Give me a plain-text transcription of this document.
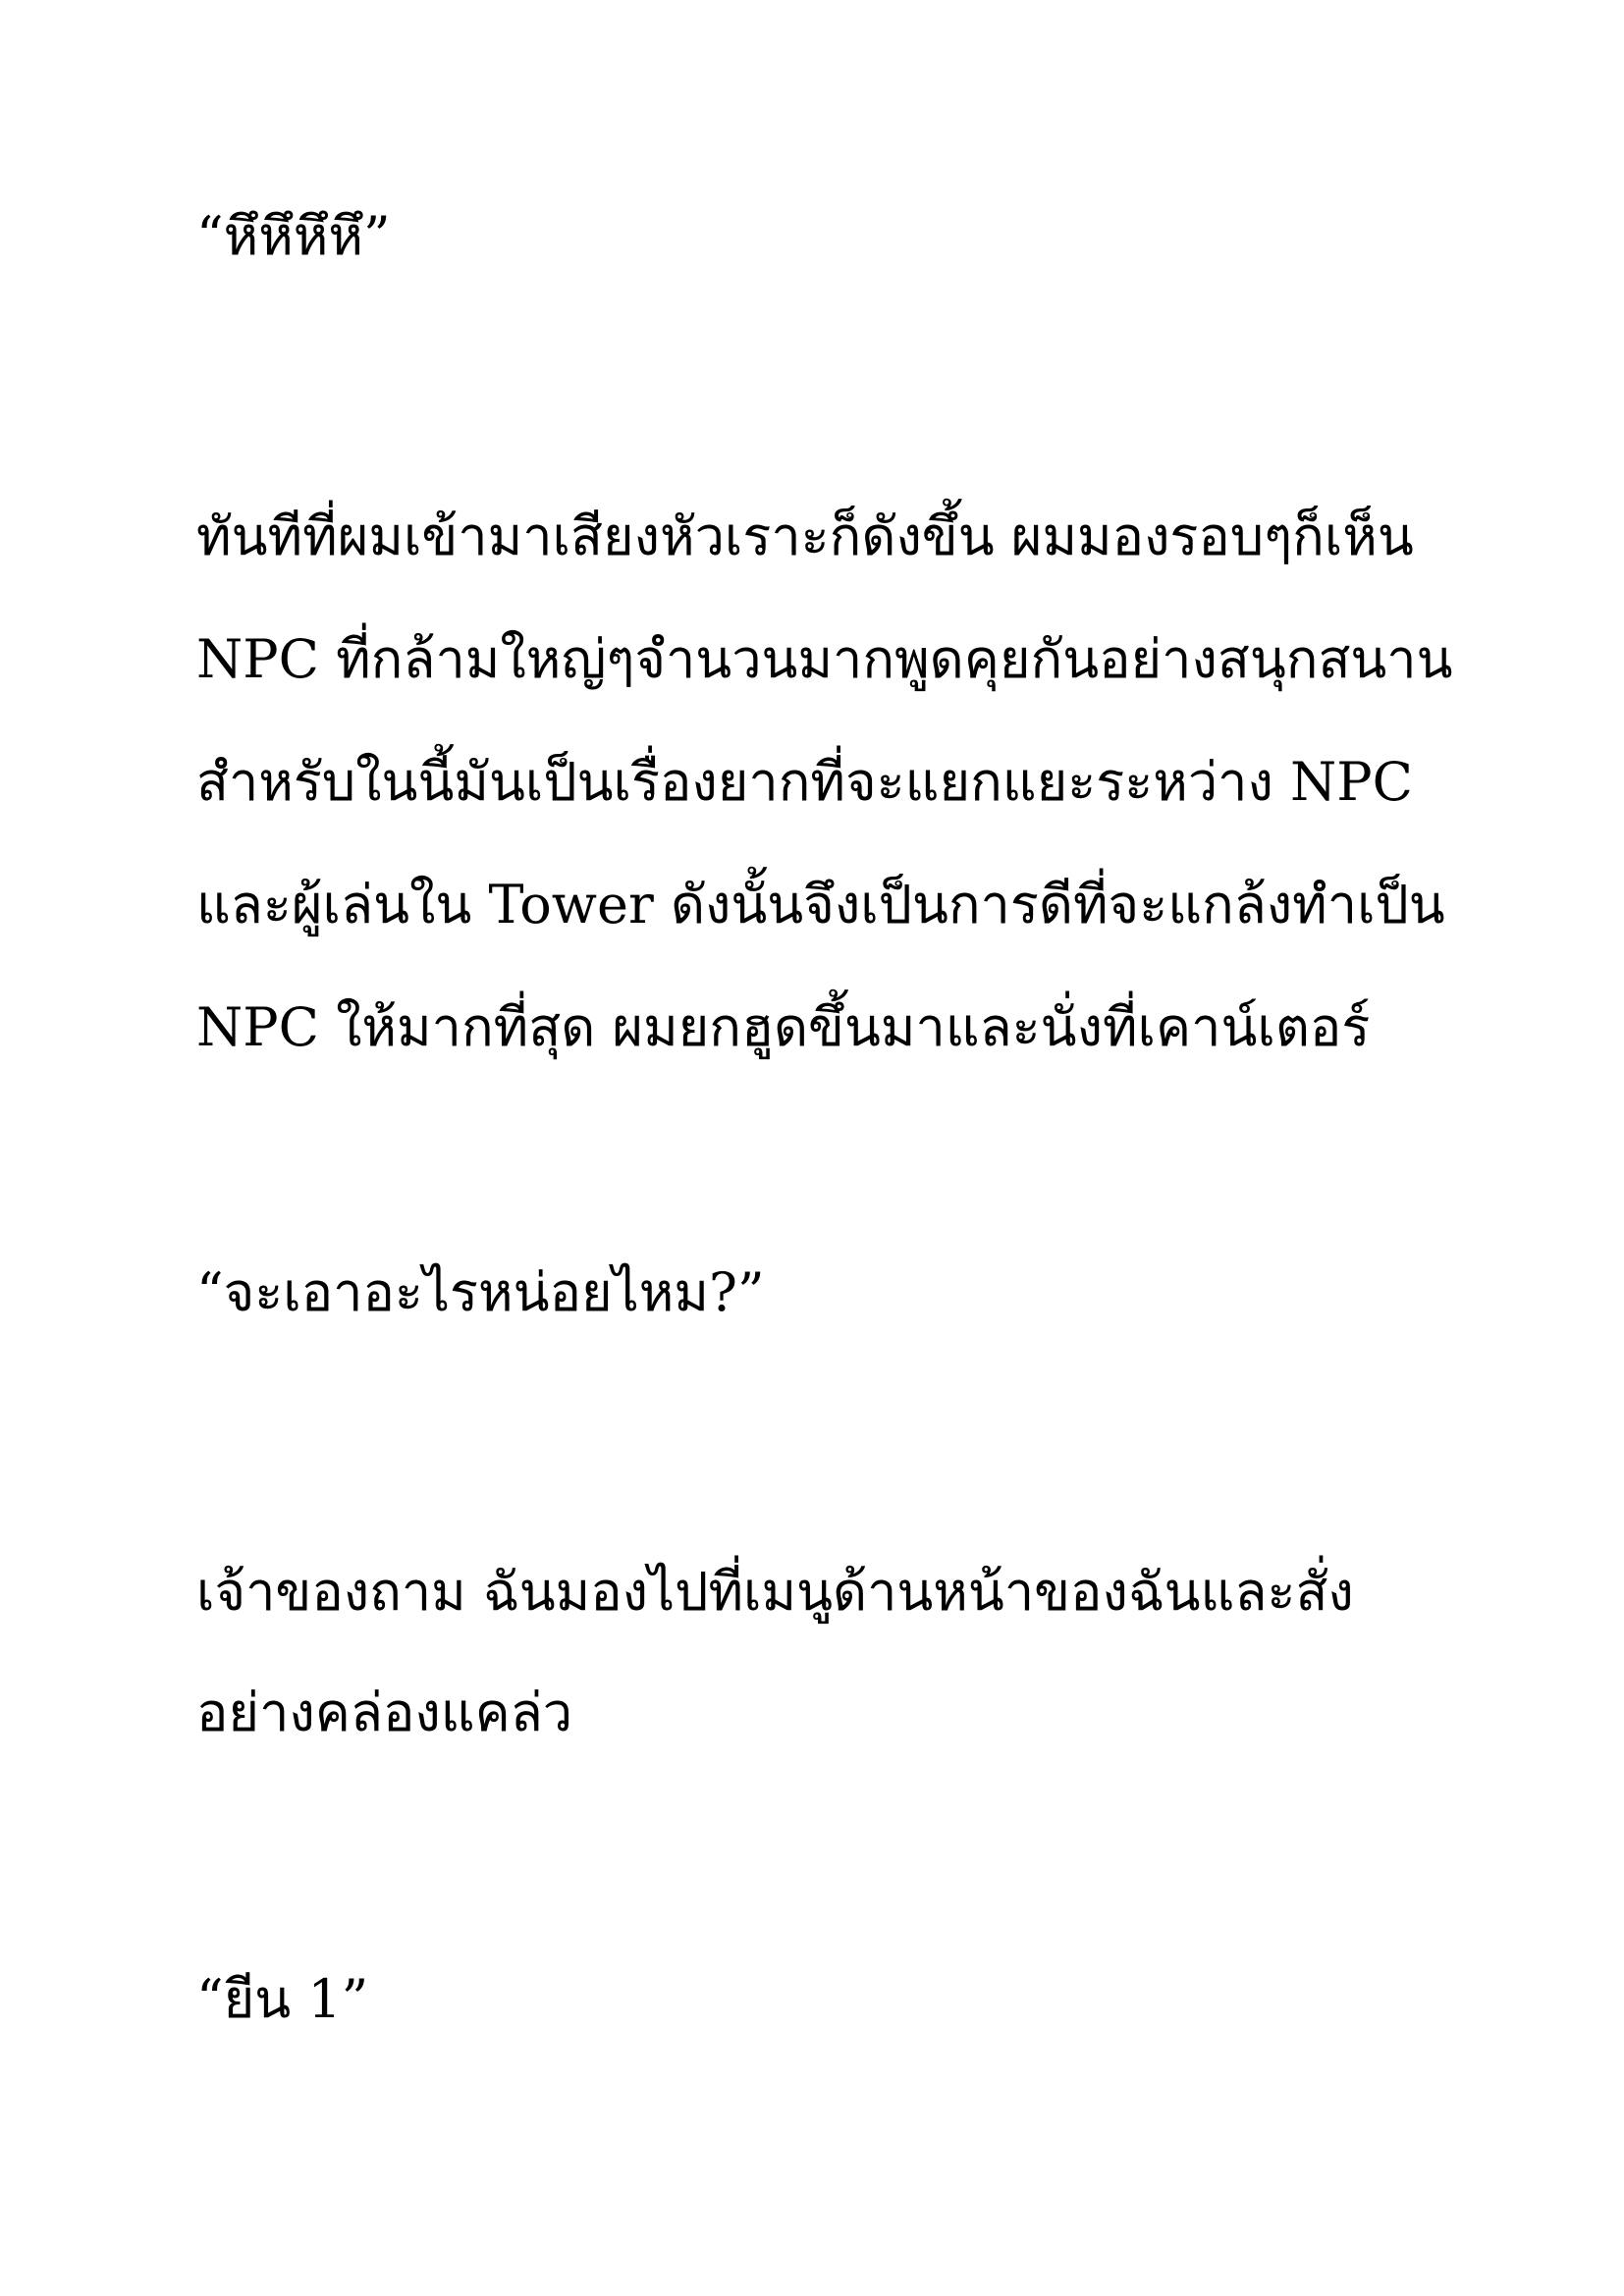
“หึหึหึหึ”
ทันทีที่ผมเข้ามาเสียงหัวเราะก็ดังขึ้น ผมมองรอบๆก็เห็น
NPC ที่กล้ามใหญ่ๆจำนวนมากพูดคุยกันอย่างสนุกสนาน
สำหรับในนี้มันเป็นเรื่องยากที่จะแยกแยะระหว่าง NPC
และผู้เล่นใน Tower ดังนั้นจึงเป็นการดีที่จะแกล้งทำเป็น
NPC ให้มากที่สุด ผมยกฮูดขึ้นมาและนั่งที่เคาน์เตอร์
“จะเอาอะไรหน่อยไหม?”
เจ้าของถาม ฉันมองไปที่เมนูด้านหน้าของฉันและสั่ง
อย่างคล่องแคล่ว
“ยีน 1”
